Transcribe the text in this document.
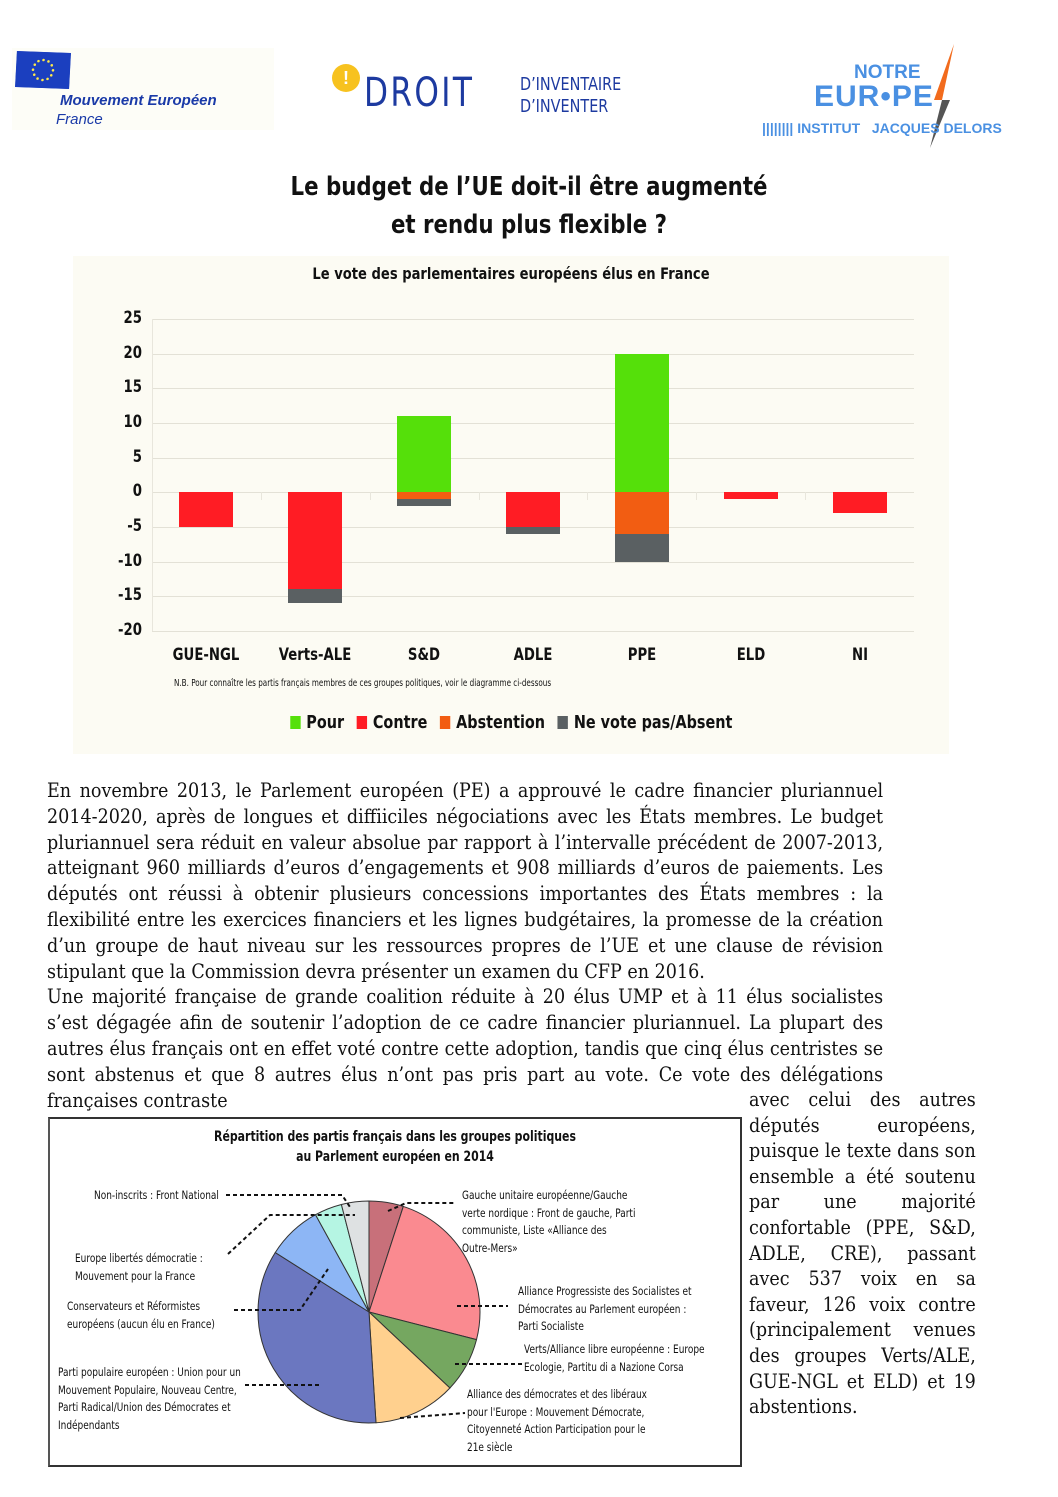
Mouvement Européen
France
! DROIT	D’INVENTAIRE
D’INVENTER
NOTRE
EUR•PE
|||||||| INSTITUT   JACQUES DELORS
Le budget de l’UE doit-il être augmenté
et rendu plus flexible ?
Le vote des parlementaires européens élus en France
N.B. Pour connaître les partis français membres de ces groupes politiques, voir le diagramme ci-dessous
Pour Contre Abstention Ne vote pas/Absent
25
20
15
10
5
0
-5
-10
-15
-20
GUE-NGL	Verts-ALE	S&D	ADLE	PPE	ELD	NI

En novembre 2013, le Parlement européen (PE) a approuvé le cadre financier pluriannuel 2014-2020, après de longues et diffiiciles négociations avec les États membres. Le budget pluriannuel sera réduit en valeur absolue par rapport à l’intervalle précédent de 2007-2013, atteignant 960 milliards d’euros d’engagements et 908 milliards d’euros de paiements. Les députés ont réussi à obtenir plusieurs concessions importantes des États membres : la flexibilité entre les exercices financiers et les lignes budgétaires, la promesse de la création d’un groupe de haut niveau sur les ressources propres de l’UE et une clause de révision stipulant que la Commission devra présenter un examen du CFP en 2016.

Une majorité française de grande coalition réduite à 20 élus UMP et à 11 élus socialistes s’est dégagée afin de soutenir l’adoption de ce cadre financier pluriannuel. La plupart des autres élus français ont en effet voté contre cette adoption, tandis que cinq élus centristes se sont abstenus et que 8 autres élus n’ont pas pris part au vote. Ce vote des délégations françaises contraste	avec celui des autres députés européens, puisque le texte dans son ensemble a été soutenu par une majorité confortable (PPE, S&D, ADLE, CRE), passant avec 537 voix en sa faveur, 126 voix contre (principalement venues des groupes Verts/ALE, GUE-NGL et ELD) et 19 abstentions.
Répartition des partis français dans les groupes politiques
au Parlement européen en 2014
Non-inscrits : Front National	Gauche unitaire européenne/Gauche
verte nordique : Front de gauche, Parti
communiste, Liste «Alliance des
Outre-Mers»
Europe libertés démocratie :
Mouvement pour la France
Conservateurs et Réformistes
européens (aucun élu en France)
Alliance Progressiste des Socialistes et
Démocrates au Parlement européen :
Parti Socialiste
Verts/Alliance libre européenne : Europe
Ecologie, Partitu di a Nazione Corsa
Parti populaire européen : Union pour un
Mouvement Populaire, Nouveau Centre,
Parti Radical/Union des Démocrates et
Indépendants
Alliance des démocrates et des libéraux
pour l'Europe : Mouvement Démocrate,
Citoyenneté Action Participation pour le
21e siècle
